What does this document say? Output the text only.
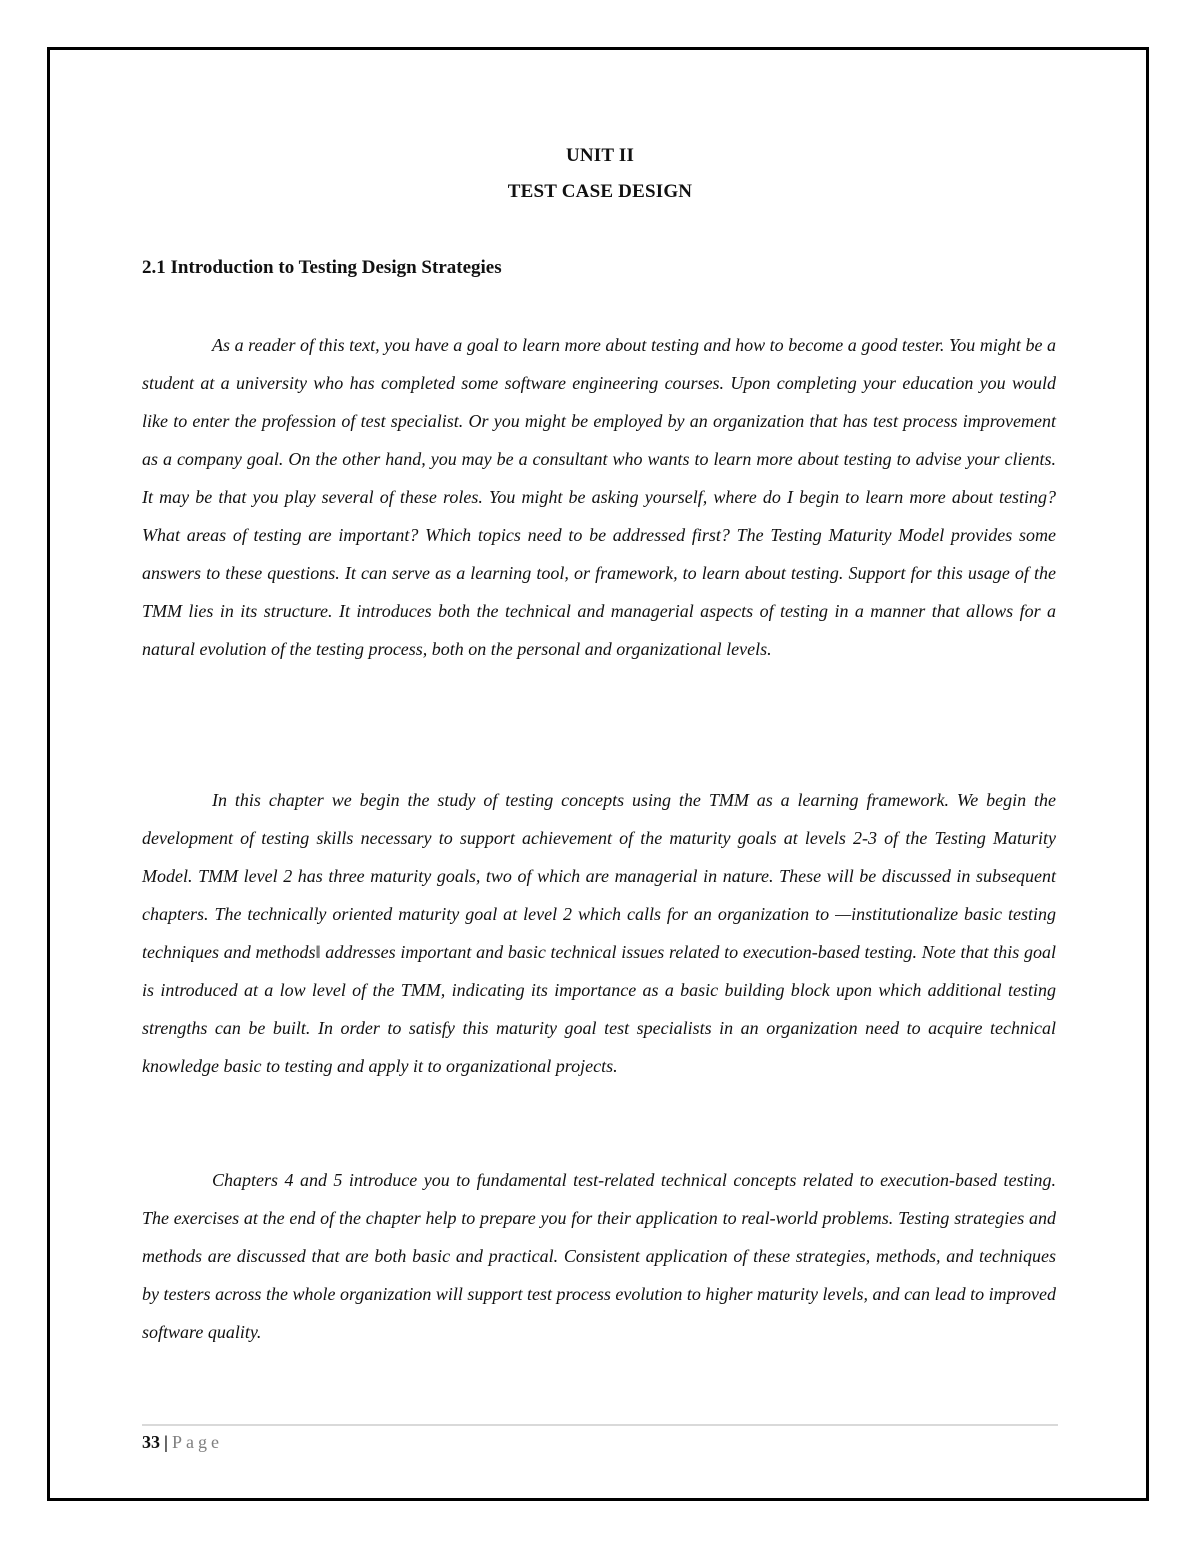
UNIT II
TEST CASE DESIGN
2.1 Introduction to Testing Design Strategies

As a reader of this text, you have a goal to learn more about testing and how to become a good tester. You might be a student at a university who has completed some software engineering courses. Upon completing your education you would like to enter the profession of test specialist. Or you might be employed by an organization that has test process improvement as a company goal. On the other hand, you may be a consultant who wants to learn more about testing to advise your clients. It may be that you play several of these roles. You might be asking yourself, where do I begin to learn more about testing? What areas of testing are important? Which topics need to be addressed first? The Testing Maturity Model provides some answers to these questions. It can serve as a learning tool, or framework, to learn about testing. Support for this usage of the TMM lies in its structure. It introduces both the technical and managerial aspects of testing in a manner that allows for a natural evolution of the testing process, both on the personal and organizational levels.

In this chapter we begin the study of testing concepts using the TMM as a learning framework. We begin the development of testing skills necessary to support achievement of the maturity goals at levels 2-3 of the Testing Maturity Model. TMM level 2 has three maturity goals, two of which are managerial in nature. These will be discussed in subsequent chapters. The technically oriented maturity goal at level 2 which calls for an organization to —institutionalize basic testing techniques and methods‖ addresses important and basic technical issues related to execution-based testing. Note that this goal is introduced at a low level of the TMM, indicating its importance as a basic building block upon which additional testing strengths can be built. In order to satisfy this maturity goal test specialists in an organization need to acquire technical knowledge basic to testing and apply it to organizational projects.

Chapters 4 and 5 introduce you to fundamental test-related technical concepts related to execution-based testing. The exercises at the end of the chapter help to prepare you for their application to real-world problems. Testing strategies and methods are discussed that are both basic and practical. Consistent application of these strategies, methods, and techniques by testers across the whole organization will support test process evolution to higher maturity levels, and can lead to improved software quality.

33 | Page
